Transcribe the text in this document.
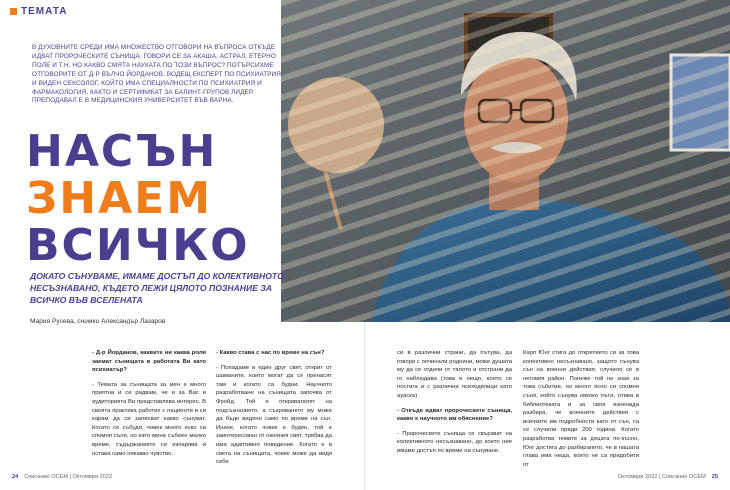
ТЕМАТА
В ДУХОВНИТЕ СРЕДИ ИМА МНОЖЕСТВО ОТГОВОРИ НА ВЪПРОСА ОТКЪДЕ ИДВАТ ПРОРОЧЕСКИТЕ СЪНИЩА. ГОВОРИ СЕ ЗА АКАША, АСТРАЛ, ЕТЕРНО ПОЛЕ И Т.Н. НО КАКВО СМЯТА НАУКАТА ПО ТОЗИ ВЪПРОС? ПОТЪРСИХМЕ ОТГОВОРИТЕ ОТ Д-Р ВЪЛЧО ЙОРДАНОВ, ВОДЕЩ ЕКСПЕРТ ПО ПСИХИАТРИЯ И ВИДЕН СЕКСОЛОГ, КОЙТО ИМА СПЕЦИАЛНОСТИ ПО ПСИХИАТРИЯ И ФАРМАКОЛОГИЯ, КАКТО И СЕРТИФИКАТ ЗА БАЛИНТ-ГРУПОВ ЛИДЕР. ПРЕПОДАВАЛ Е В МЕДИЦИНСКИЯ УНИВЕРСИТЕТ ВЪВ ВАРНА.
НАСЪН
ЗНАЕМ
ВСИЧКО
ДОКАТО СЪНУВАМЕ, ИМАМЕ ДОСТЪП ДО КОЛЕКТИВНОТО НЕСЪЗНАВАНО, КЪДЕТО ЛЕЖИ ЦЯЛОТО ПОЗНАНИЕ ЗА ВСИЧКО ВЪВ ВСЕЛЕНАТА
Мария Русева, снимки Александър Лазаров

- Д-р Йорданов, каквите ни каква роля заемат сънищата в работата Ви като психиатър?

- Темата за сънищата за мен е много приятна и се радвам, че и за Вас и аудиторията Ви представлява интерес. В своята практика работих с пациенти и си карам да си записват какво сънуват. Когато се събуди, човек много хоко си спомня съня, но като мине събеен малко време, съдържанието се изпарява и остава само някакво чувство.

- Какво става с нас по време на сън?

- Попадаме в един друг свят, открит от шаманите, които могат да се пренасят там и когато са будни. Научното разработване на сънищата започва от Фройд. Той е откривателят на подсъзнанието, а съзряването му може да бъде видяно само по време на сън. Иначе, когато човек е буден, той е заинтересован от околния свят, трябва да има адаптивно поведение. Когато е в света на сънищата, човек може да видя себе

си в различни страни, да пътува, да говори с починали роднини, може душата му да се отдели от тялото и отстрани да го наблюдава (това е нещо, което се постига и с различни психеделици като ауаска).

- Откъде идват пророческите сънища, какво е научното им обяснение?

- Пророческите сънища се свързват на колективното несъзнавано, до което ние имаме достъп по време на сънуване.

Карл Юнг стига до откритието си за това колективно несъзнавано, защото сънува сън на военни действия, случило се в неговия район. Понеже той не знае за това събитие, но много ясно си спомня съня, който сънува някоко пъти, отива в библиотеката и за своя изненада разбира, че военните действия с всичките им подробности катo от сън, са се случили преди 200 години. Когато разработва темите за децата по-късно, Юнг достига до разбирането, че в нашата глава има неща, които не са придобити от

24 Списание ОСЕМ | Октомври 2022	Октомври 2022 | Списание ОСЕМ 25
